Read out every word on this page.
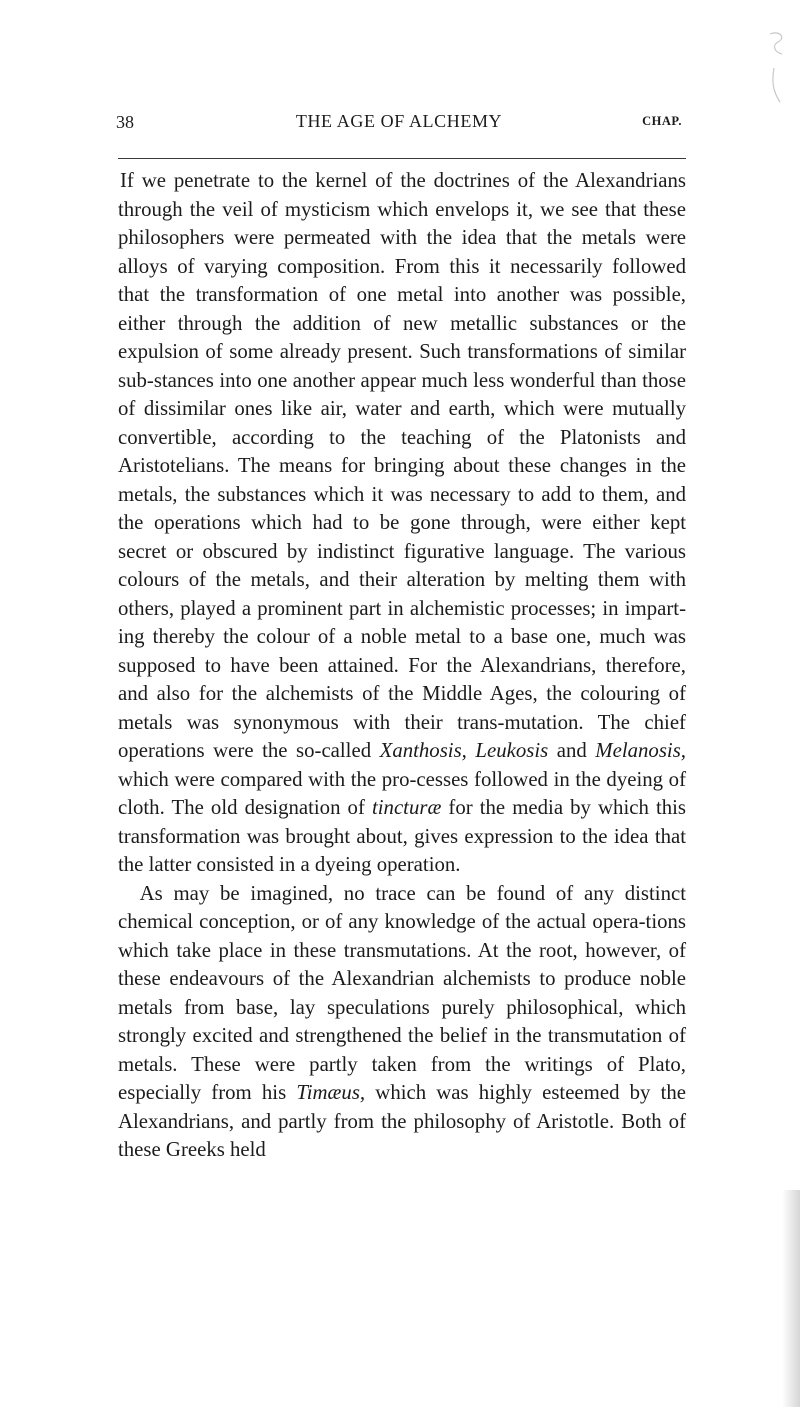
38	THE AGE OF ALCHEMY	CHAP.

If we penetrate to the kernel of the doctrines of the Alexandrians through the veil of mysticism which envelops it, we see that these philosophers were permeated with the idea that the metals were alloys of varying composition. From this it necessarily followed that the transformation of one metal into another was possible, either through the addition of new metallic substances or the expulsion of some already present. Such transformations of similar sub-stances into one another appear much less wonderful than those of dissimilar ones like air, water and earth, which were mutually convertible, according to the teaching of the Platonists and Aristotelians. The means for bringing about these changes in the metals, the substances which it was necessary to add to them, and the operations which had to be gone through, were either kept secret or obscured by indistinct figurative language. The various colours of the metals, and their alteration by melting them with others, played a prominent part in alchemistic processes; in impart-ing thereby the colour of a noble metal to a base one, much was supposed to have been attained. For the Alexandrians, therefore, and also for the alchemists of the Middle Ages, the colouring of metals was synonymous with their trans-mutation. The chief operations were the so-called Xanthosis, Leukosis and Melanosis, which were compared with the pro-cesses followed in the dyeing of cloth. The old designation of tincturæ for the media by which this transformation was brought about, gives expression to the idea that the latter consisted in a dyeing operation.

As may be imagined, no trace can be found of any distinct chemical conception, or of any knowledge of the actual opera-tions which take place in these transmutations. At the root, however, of these endeavours of the Alexandrian alchemists to produce noble metals from base, lay speculations purely philosophical, which strongly excited and strengthened the belief in the transmutation of metals. These were partly taken from the writings of Plato, especially from his Timæus, which was highly esteemed by the Alexandrians, and partly from the philosophy of Aristotle. Both of these Greeks held
